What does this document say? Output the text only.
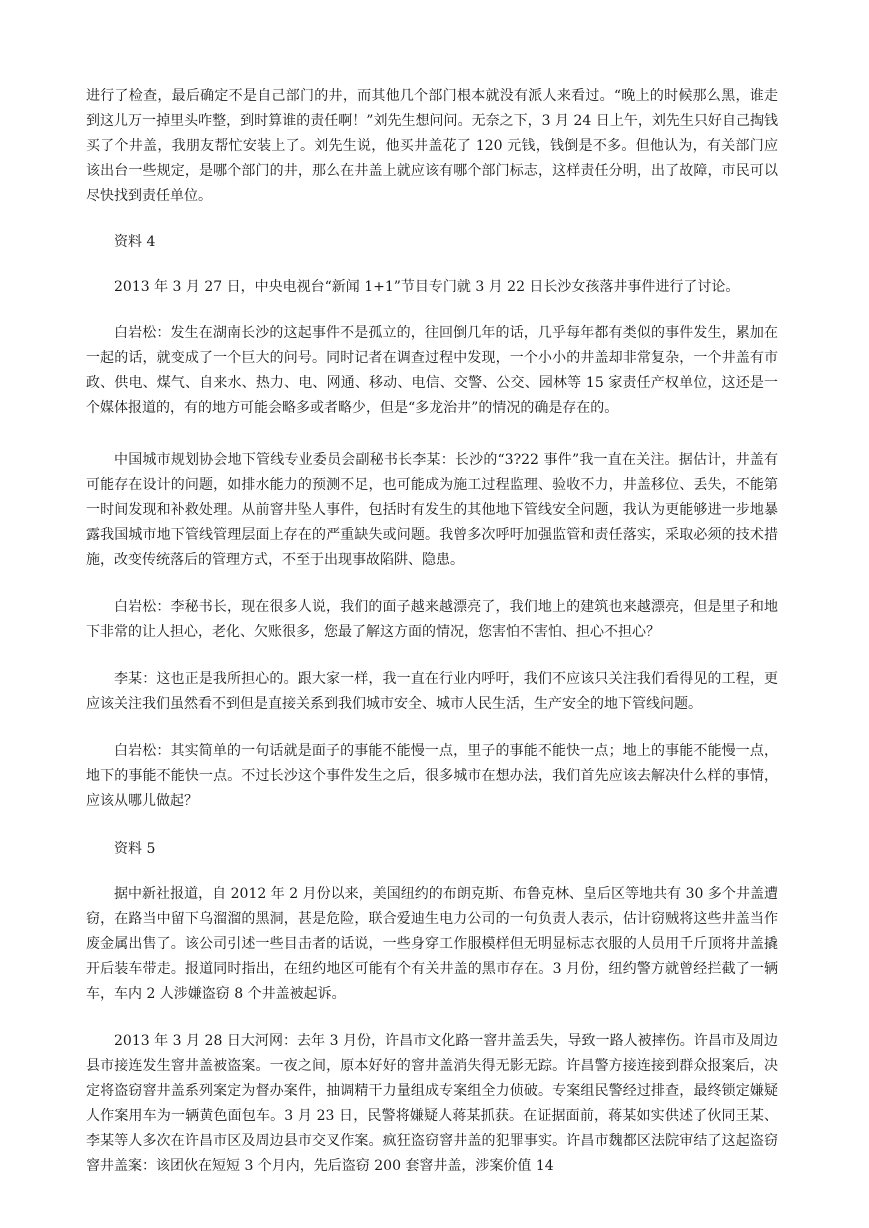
进行了检查，最后确定不是自己部门的井，而其他几个部门根本就没有派人来看过。“晚上的时候那么黑，谁走到这儿万一掉里头咋整，到时算谁的责任啊！”刘先生想问问。无奈之下，3 月 24 日上午，刘先生只好自己掏钱买了个井盖，我朋友帮忙安装上了。刘先生说，他买井盖花了 120 元钱，钱倒是不多。但他认为，有关部门应该出台一些规定，是哪个部门的井，那么在井盖上就应该有哪个部门标志，这样责任分明，出了故障，市民可以尽快找到责任单位。

资料 4

2013 年 3 月 27 日，中央电视台“新闻 1+1”节目专门就 3 月 22 日长沙女孩落井事件进行了讨论。

白岩松：发生在湖南长沙的这起事件不是孤立的，往回倒几年的话，几乎每年都有类似的事件发生，累加在一起的话，就变成了一个巨大的问号。同时记者在调查过程中发现，一个小小的井盖却非常复杂，一个井盖有市政、供电、煤气、自来水、热力、电、网通、移动、电信、交警、公交、园林等 15 家责任产权单位，这还是一个媒体报道的，有的地方可能会略多或者略少，但是“多龙治井”的情况的确是存在的。

中国城市规划协会地下管线专业委员会副秘书长李某：长沙的“3?22 事件”我一直在关注。据估计，井盖有可能存在设计的问题，如排水能力的预测不足，也可能成为施工过程监理、验收不力，井盖移位、丢失，不能第一时间发现和补救处理。从前窨井坠人事件，包括时有发生的其他地下管线安全问题，我认为更能够进一步地暴露我国城市地下管线管理层面上存在的严重缺失或问题。我曾多次呼吁加强监管和责任落实，采取必须的技术措施，改变传统落后的管理方式，不至于出现事故陷阱、隐患。

白岩松：李秘书长，现在很多人说，我们的面子越来越漂亮了，我们地上的建筑也来越漂亮，但是里子和地下非常的让人担心，老化、欠账很多，您最了解这方面的情况，您害怕不害怕、担心不担心？

李某：这也正是我所担心的。跟大家一样，我一直在行业内呼吁，我们不应该只关注我们看得见的工程，更应该关注我们虽然看不到但是直接关系到我们城市安全、城市人民生活，生产安全的地下管线问题。

白岩松：其实简单的一句话就是面子的事能不能慢一点，里子的事能不能快一点；地上的事能不能慢一点，地下的事能不能快一点。不过长沙这个事件发生之后，很多城市在想办法，我们首先应该去解决什么样的事情，应该从哪儿做起？

资料 5

据中新社报道，自 2012 年 2 月份以来，美国纽约的布朗克斯、布鲁克林、皇后区等地共有 30 多个井盖遭窃，在路当中留下乌溜溜的黑洞，甚是危险，联合爱迪生电力公司的一句负责人表示，估计窃贼将这些井盖当作废金属出售了。该公司引述一些目击者的话说，一些身穿工作服模样但无明显标志衣服的人员用千斤顶将井盖撬开后装车带走。报道同时指出，在纽约地区可能有个有关井盖的黑市存在。3 月份，纽约警方就曾经拦截了一辆车，车内 2 人涉嫌盗窃 8 个井盖被起诉。

2013 年 3 月 28 日大河网：去年 3 月份，许昌市文化路一窨井盖丢失，导致一路人被摔伤。许昌市及周边县市接连发生窨井盖被盗案。一夜之间，原本好好的窨井盖消失得无影无踪。许昌警方接连接到群众报案后，决定将盗窃窨井盖系列案定为督办案件，抽调精干力量组成专案组全力侦破。专案组民警经过排查，最终锁定嫌疑人作案用车为一辆黄色面包车。3 月 23 日，民警将嫌疑人蒋某抓获。在证据面前，蒋某如实供述了伙同王某、李某等人多次在许昌市区及周边县市交叉作案。疯狂盗窃窨井盖的犯罪事实。许昌市魏都区法院审结了这起盗窃窨井盖案：该团伙在短短 3 个月内，先后盗窃 200 套窨井盖，涉案价值 14
